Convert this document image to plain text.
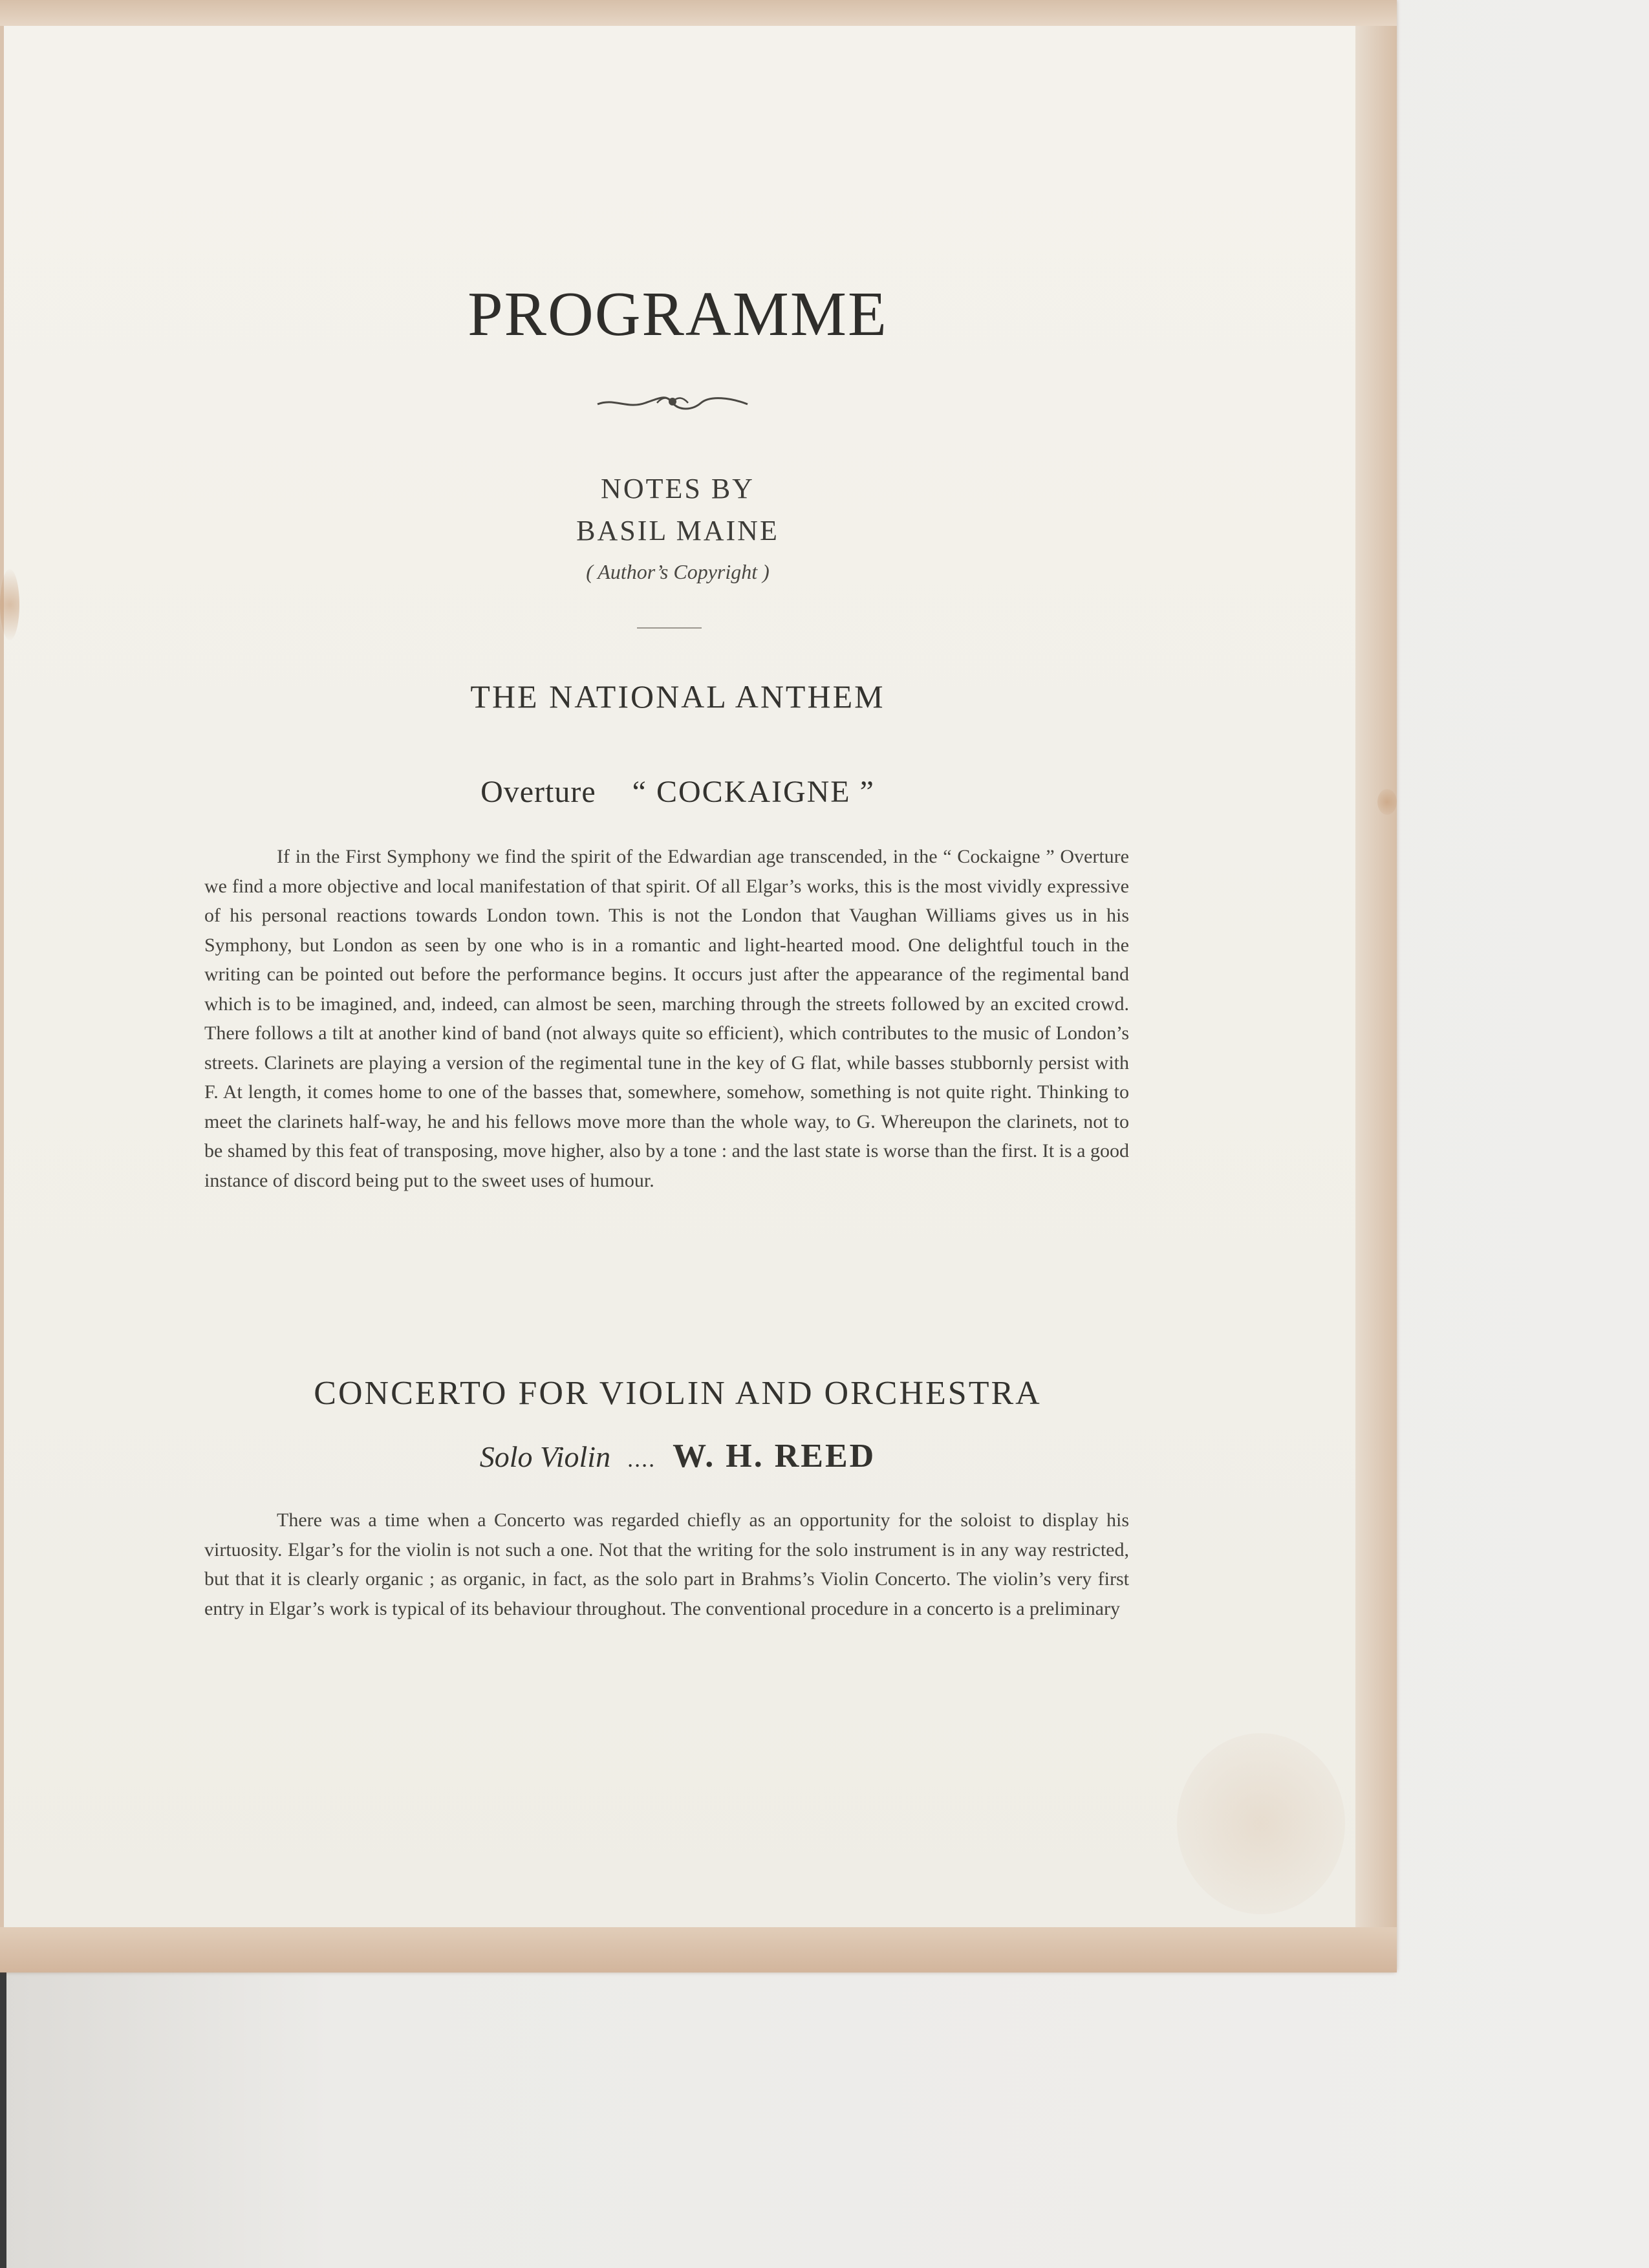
PROGRAMME
NOTES BY
BASIL MAINE
( Author’s Copyright )
THE NATIONAL ANTHEM
Overture “ COCKAIGNE ”

If in the First Symphony we find the spirit of the Edwardian age transcended, in the “ Cockaigne ” Overture we find a more objective and local manifestation of that spirit. Of all Elgar’s works, this is the most vividly expressive of his personal reactions towards London town. This is not the London that Vaughan Williams gives us in his Symphony, but London as seen by one who is in a romantic and light-hearted mood. One delightful touch in the writing can be pointed out before the performance begins. It occurs just after the appearance of the regimental band which is to be imagined, and, indeed, can almost be seen, marching through the streets followed by an excited crowd. There follows a tilt at another kind of band (not always quite so efficient), which contributes to the music of London’s streets. Clarinets are playing a version of the regimental tune in the key of G flat, while basses stubbornly persist with F. At length, it comes home to one of the basses that, somewhere, somehow, something is not quite right. Thinking to meet the clarinets half-way, he and his fellows move more than the whole way, to G. Whereupon the clarinets, not to be shamed by this feat of transposing, move higher, also by a tone : and the last state is worse than the first. It is a good instance of discord being put to the sweet uses of humour.

CONCERTO FOR VIOLIN AND ORCHESTRA
Solo Violin .... W. H. REED

There was a time when a Concerto was regarded chiefly as an opportunity for the soloist to display his virtuosity. Elgar’s for the violin is not such a one. Not that the writing for the solo instrument is in any way restricted, but that it is clearly organic ; as organic, in fact, as the solo part in Brahms’s Violin Concerto. The violin’s very first entry in Elgar’s work is typical of its behaviour throughout. The conventional procedure in a concerto is a preliminary
